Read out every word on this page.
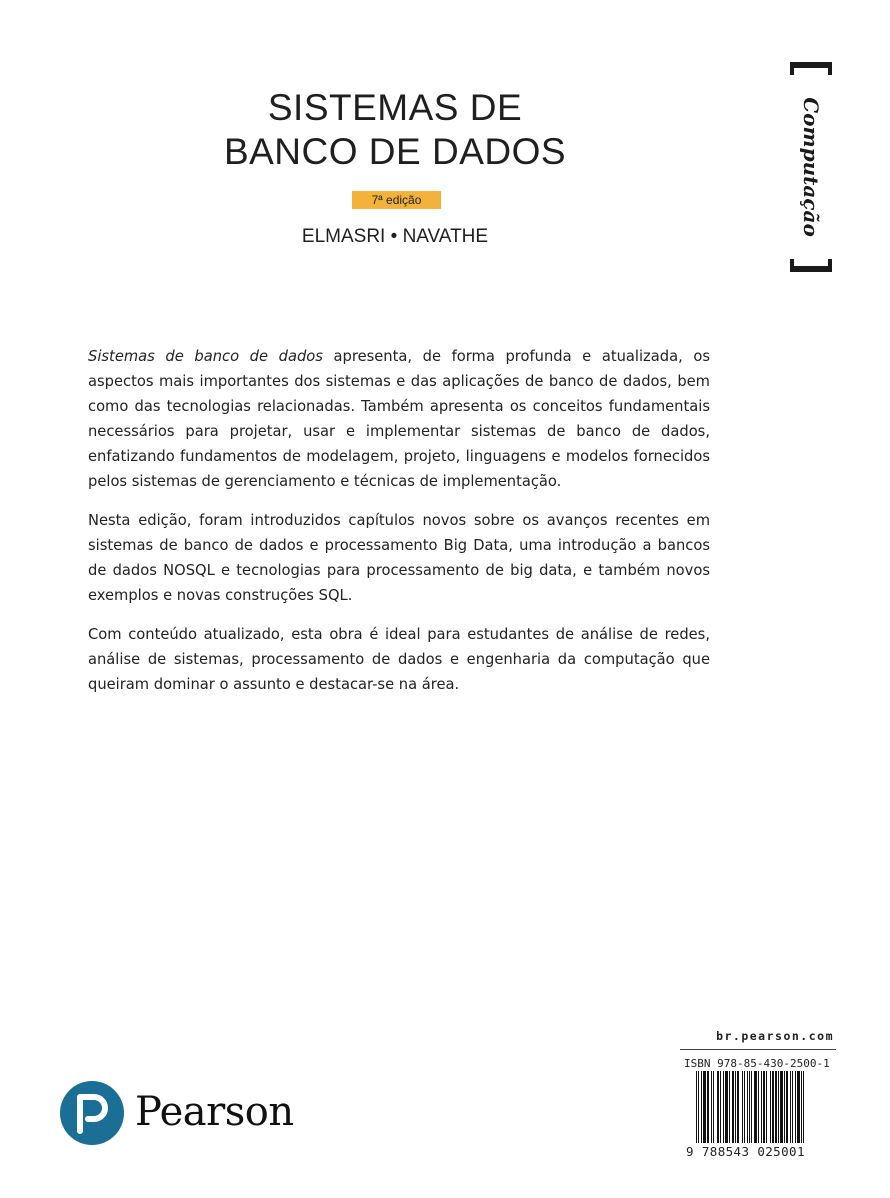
SISTEMAS DE
BANCO DE DADOS
7ª edição
ELMASRI • NAVATHE	Computação

Sistemas de banco de dados apresenta, de forma profunda e atualizada, os aspectos mais importantes dos sistemas e das aplicações de banco de dados, bem como das tecnologias relacionadas. Também apresenta os conceitos fundamentais necessários para projetar, usar e implementar sistemas de banco de dados, enfatizando fundamentos de modelagem, projeto, linguagens e modelos fornecidos pelos sistemas de gerenciamento e técnicas de implementação.

Nesta edição, foram introduzidos capítulos novos sobre os avanços recentes em sistemas de banco de dados e processamento Big Data, uma introdução a bancos de dados NOSQL e tecnologias para processamento de big data, e também novos exemplos e novas construções SQL.

Com conteúdo atualizado, esta obra é ideal para estudantes de análise de redes, análise de sistemas, processamento de dados e engenharia da computação que queiram dominar o assunto e destacar-se na área.

Pearson
br.pearson.com
ISBN 978-85-430-2500-1
9 788543 025001
